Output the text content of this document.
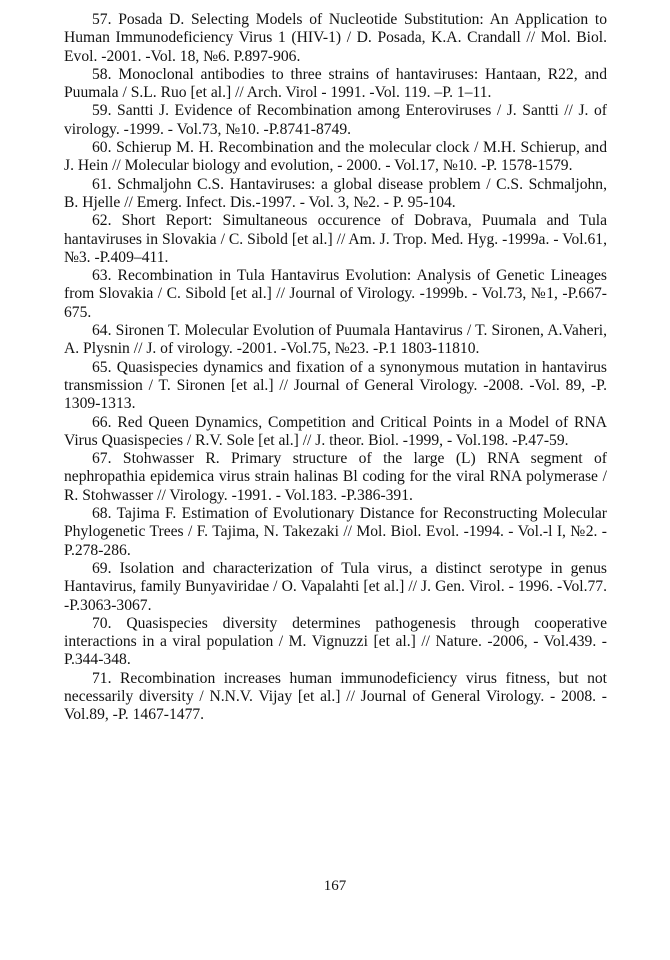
57. Posada D. Selecting Models of Nucleotide Substitution: An Application to Human Immunodeficiency Virus 1 (HIV-1) / D. Posada, K.A. Crandall // Mol. Biol. Evol. -2001. -Vol. 18, №6. P.897-906.

58. Monoclonal antibodies to three strains of hantaviruses: Hantaan, R22, and Puumala / S.L. Ruo [et al.] // Arch. Virol - 1991. -Vol. 119. –P. 1–11.

59. Santti J. Evidence of Recombination among Enteroviruses / J. Santti // J. of virology. -1999. - Vol.73, №10. -P.8741-8749.

60. Schierup M. H. Recombination and the molecular clock / M.H. Schierup, and J. Hein // Molecular biology and evolution, - 2000. - Vol.17, №10. -P. 1578-1579.

61. Schmaljohn C.S. Hantaviruses: a global disease problem / C.S. Schmaljohn, B. Hjelle // Emerg. Infect. Dis.-1997. - Vol. 3, №2. - P. 95-104.

62. Short Report: Simultaneous occurence of Dobrava, Puumala and Tula hantaviruses in Slovakia / C. Sibold [et al.] // Am. J. Trop. Med. Hyg. -1999a. - Vol.61, №3. -P.409–411.

63. Recombination in Tula Hantavirus Evolution: Analysis of Genetic Lineages from Slovakia / C. Sibold [et al.] // Journal of Virology. -1999b. - Vol.73, №1, -P.667-675.

64. Sironen T. Molecular Evolution of Puumala Hantavirus / T. Sironen, A.Vaheri, A. Plysnin // J. of virology. -2001. -Vol.75, №23. -P.1 1803-11810.

65. Quasispecies dynamics and fixation of a synonymous mutation in hantavirus transmission / T. Sironen [et al.] // Journal of General Virology. -2008. -Vol. 89, -P. 1309-1313.

66. Red Queen Dynamics, Competition and Critical Points in a Model of RNA Virus Quasispecies / R.V. Sole [et al.] // J. theor. Biol. -1999, - Vol.198. -P.47-59.

67. Stohwasser R. Primary structure of the large (L) RNA segment of nephropathia epidemica virus strain halinas Bl coding for the viral RNA polymerase / R. Stohwasser // Virology. -1991. - Vol.183. -P.386-391.

68. Tajima F. Estimation of Evolutionary Distance for Reconstructing Molecular Phylogenetic Trees / F. Tajima, N. Takezaki // Mol. Biol. Evol. -1994. - Vol.-l I, №2. -P.278-286.

69. Isolation and characterization of Tula virus, a distinct serotype in genus Hantavirus, family Bunyaviridae / O. Vapalahti [et al.] // J. Gen. Virol. - 1996. -Vol.77. -P.3063-3067.

70. Quasispecies diversity determines pathogenesis through cooperative interactions in a viral population / M. Vignuzzi [et al.] // Nature. -2006, - Vol.439. -P.344-348.

71. Recombination increases human immunodeficiency virus fitness, but not necessarily diversity / N.N.V. Vijay [et al.] // Journal of General Virology. - 2008. -Vol.89, -P. 1467-1477.

167
